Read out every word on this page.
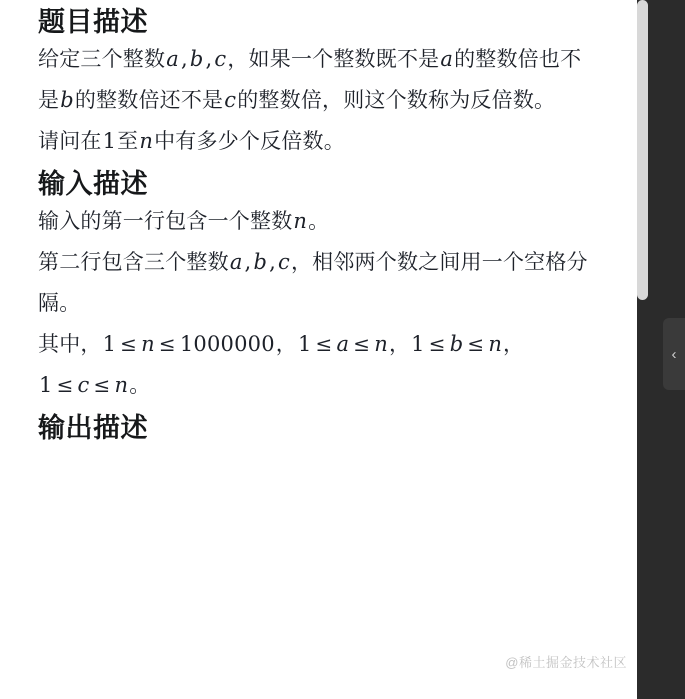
题目描述

给定三个整数a,b,c，如果一个整数既不是a的整数倍也不是b的整数倍还不是c的整数倍，则这个数称为反倍数。

请问在1至n中有多少个反倍数。

输入描述

输入的第一行包含一个整数n。

第二行包含三个整数a,b,c，相邻两个数之间用一个空格分隔。

其中，1 ≤ n ≤ 1000000，1 ≤ a ≤ n，1 ≤ b ≤ n，1 ≤ c ≤ n。

输出描述
‹
@稀土掘金技术社区
